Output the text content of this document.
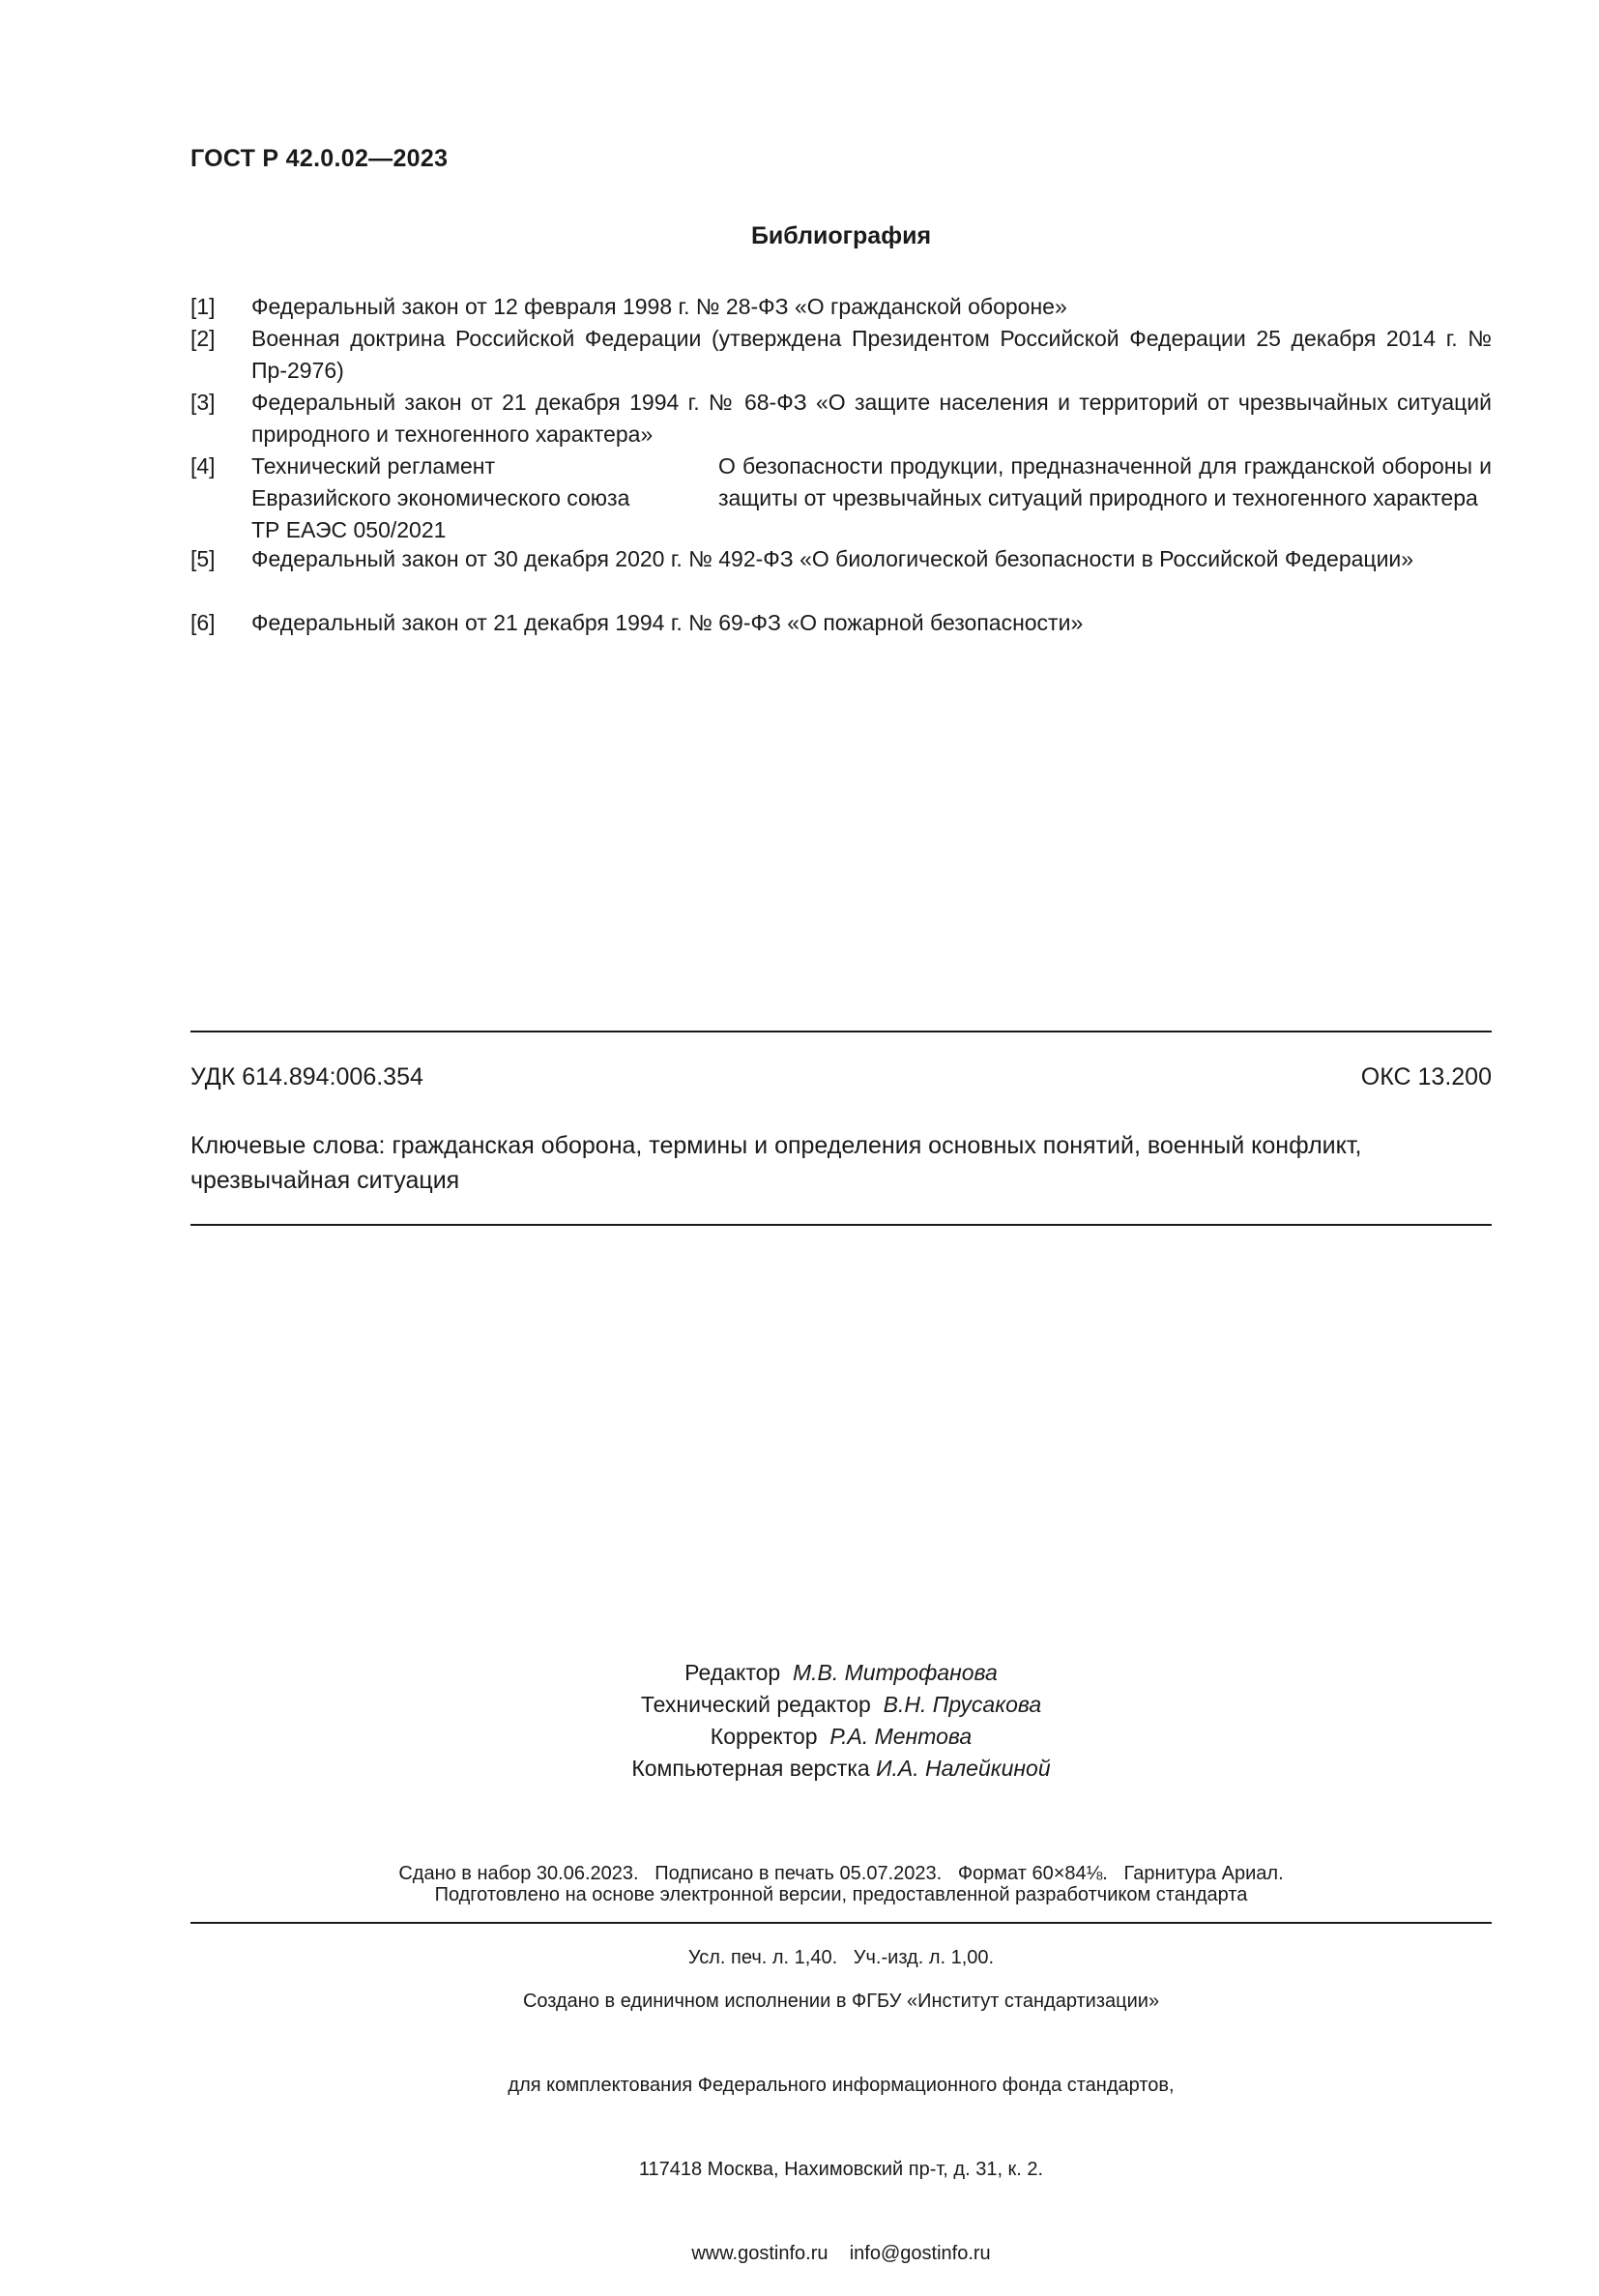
ГОСТ Р 42.0.02—2023
Библиография
[1] Федеральный закон от 12 февраля 1998 г. № 28-ФЗ «О гражданской обороне»
[2] Военная доктрина Российской Федерации (утверждена Президентом Российской Федерации 25 декабря 2014 г. № Пр-2976)
[3] Федеральный закон от 21 декабря 1994 г. № 68-ФЗ «О защите населения и территорий от чрезвычайных ситуаций природного и техногенного характера»
[4] Технический регламент
Евразийского экономического союза
ТР ЕАЭС 050/2021
О безопасности продукции, предназначенной для гражданской обороны и защиты от чрезвычайных ситуаций природного и техногенного характера
[5] Федеральный закон от 30 декабря 2020 г. № 492-ФЗ «О биологической безопасности в Российской Федерации»
[6] Федеральный закон от 21 декабря 1994 г. № 69-ФЗ «О пожарной безопасности»
УДК 614.894:006.354	ОКС 13.200
Ключевые слова: гражданская оборона, термины и определения основных понятий, военный конфликт, чрезвычайная ситуация
Редактор М.В. Митрофанова
Технический редактор В.Н. Прусакова
Корректор Р.А. Ментова
Компьютерная верстка И.А. Налейкиной

Сдано в набор 30.06.2023.   Подписано в печать 05.07.2023.   Формат 60×84⅛.   Гарнитура Ариал.

Усл. печ. л. 1,40.   Уч.-изд. л. 1,00.

Подготовлено на основе электронной версии, предоставленной разработчиком стандарта

Создано в единичном исполнении в ФГБУ «Институт стандартизации»

для комплектования Федерального информационного фонда стандартов,

117418 Москва, Нахимовский пр-т, д. 31, к. 2.

www.gostinfo.ru    info@gostinfo.ru
